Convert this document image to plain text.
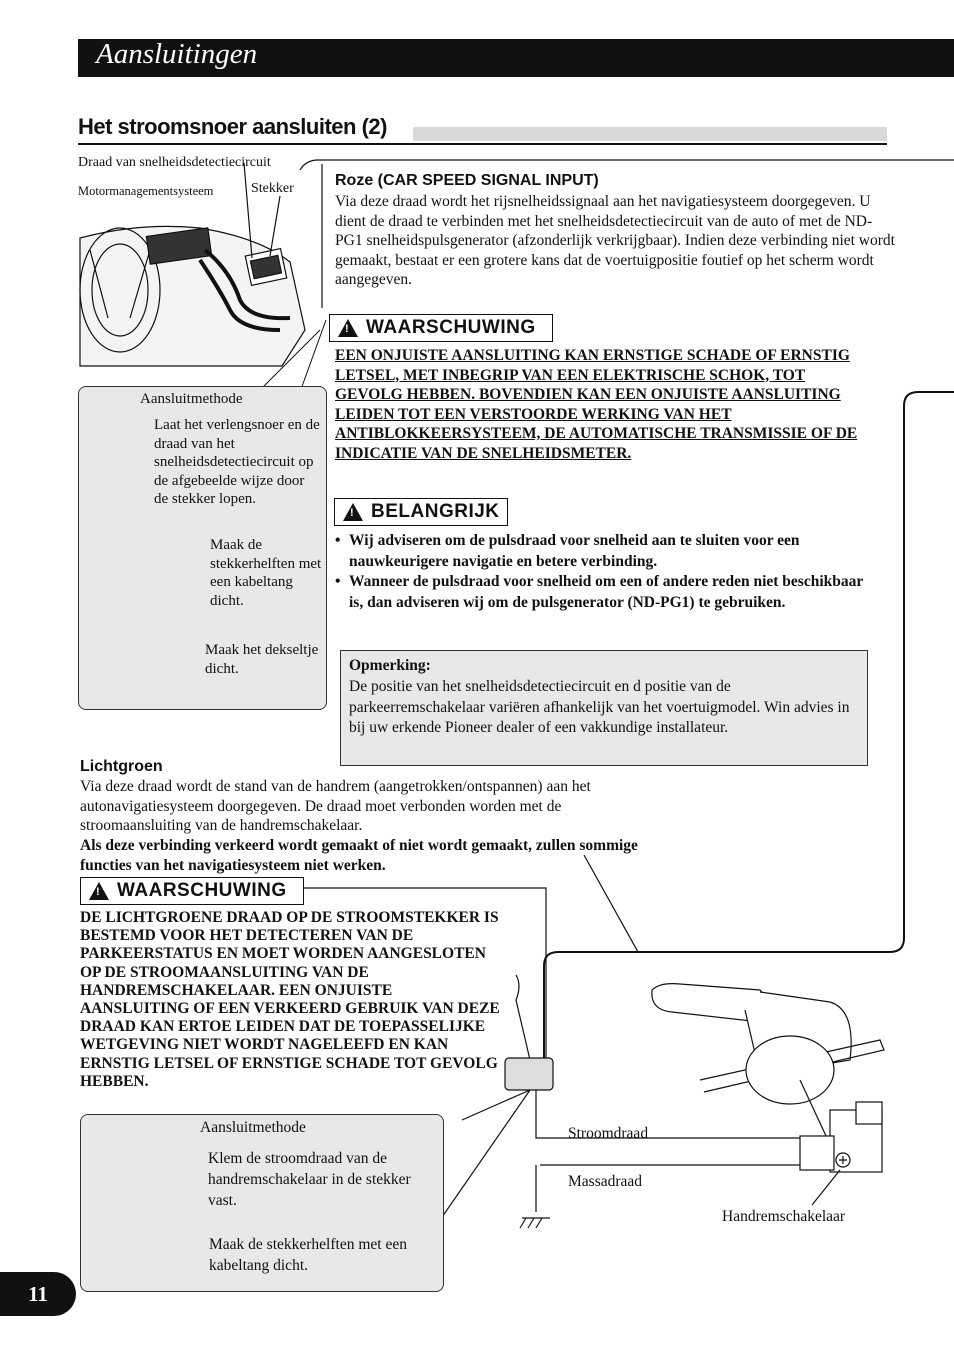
Aansluitingen
Het stroomsnoer aansluiten (2)
Draad van snelheidsdetectiecircuit
Motormanagementsysteem	Stekker
Aansluitmethode
Laat het verlengsnoer en de draad van het snelheidsdetectiecircuit op de afgebeelde wijze door de stekker lopen.
Maak de stekkerhelften met een kabeltang dicht.
Maak het dekseltje dicht.
Roze (CAR SPEED SIGNAL INPUT)
Via deze draad wordt het rijsnelheidssignaal aan het navigatiesysteem doorgegeven. U dient de draad te verbinden met het snelheidsdetectiecircuit van de auto of met de ND-PG1 snelheidspulsgenerator (afzonderlijk verkrijgbaar). Indien deze verbinding niet wordt gemaakt, bestaat er een grotere kans dat de voertuigpositie foutief op het scherm wordt aangegeven.
! WAARSCHUWING
EEN ONJUISTE AANSLUITING KAN ERNSTIGE SCHADE OF ERNSTIG LETSEL, MET INBEGRIP VAN EEN ELEKTRISCHE SCHOK, TOT GEVOLG HEBBEN. BOVENDIEN KAN EEN ONJUISTE AANSLUITING LEIDEN TOT EEN VERSTOORDE WERKING VAN HET ANTIBLOKKEERSYSTEEM, DE AUTOMATISCHE TRANSMISSIE OF DE INDICATIE VAN DE SNELHEIDSMETER.
! BELANGRIJK
• Wij adviseren om de pulsdraad voor snelheid aan te sluiten voor een nauwkeurigere navigatie en betere verbinding.
• Wanneer de pulsdraad voor snelheid om een of andere reden niet beschikbaar is, dan adviseren wij om de pulsgenerator (ND-PG1) te gebruiken.
Opmerking:
De positie van het snelheidsdetectiecircuit en d positie van de parkeerremschakelaar variëren afhankelijk van het voertuigmodel. Win advies in bij uw erkende Pioneer dealer of een vakkundige installateur.
Lichtgroen
Via deze draad wordt de stand van de handrem (aangetrokken/ontspannen) aan het autonavigatiesysteem doorgegeven. De draad moet verbonden worden met de stroomaansluiting van de handremschakelaar.
Als deze verbinding verkeerd wordt gemaakt of niet wordt gemaakt, zullen sommige functies van het navigatiesysteem niet werken.
! WAARSCHUWING
DE LICHTGROENE DRAAD OP DE STROOMSTEKKER IS BESTEMD VOOR HET DETECTEREN VAN DE PARKEERSTATUS EN MOET WORDEN AANGESLOTEN OP DE STROOMAANSLUITING VAN DE HANDREMSCHAKELAAR. EEN ONJUISTE AANSLUITING OF EEN VERKEERD GEBRUIK VAN DEZE DRAAD KAN ERTOE LEIDEN DAT DE TOEPASSELIJKE WETGEVING NIET WORDT NAGELEEFD EN KAN ERNSTIG LETSEL OF ERNSTIGE SCHADE TOT GEVOLG HEBBEN.
Aansluitmethode
Klem de stroomdraad van de handremschakelaar in de stekker vast.
Maak de stekkerhelften met een kabeltang dicht.
Stroomdraad
Massadraad
Handremschakelaar
11
